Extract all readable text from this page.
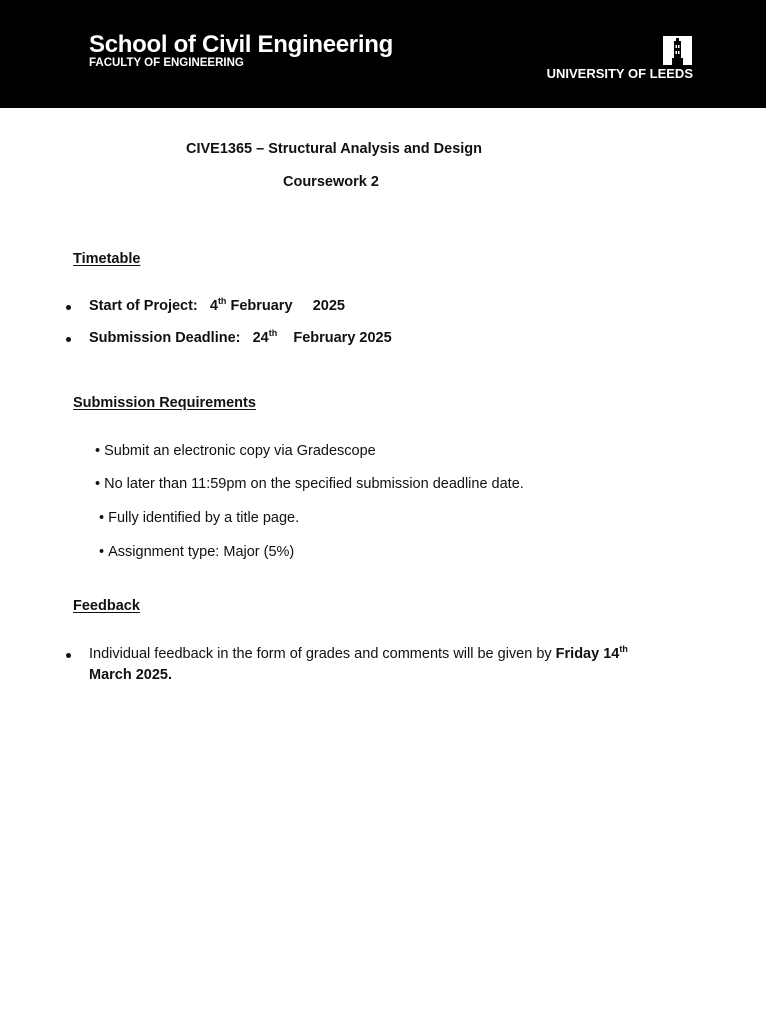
School of Civil Engineering
FACULTY OF ENGINEERING
UNIVERSITY OF LEEDS
CIVE1365 – Structural Analysis and Design
Coursework 2
Timetable
Start of Project: 4th February 2025
Submission Deadline: 24th February 2025
Submission Requirements
• Submit an electronic copy via Gradescope
• No later than 11:59pm on the specified submission deadline date.
• Fully identified by a title page.
• Assignment type: Major (5%)
Feedback
Individual feedback in the form of grades and comments will be given by Friday 14th
March 2025.
